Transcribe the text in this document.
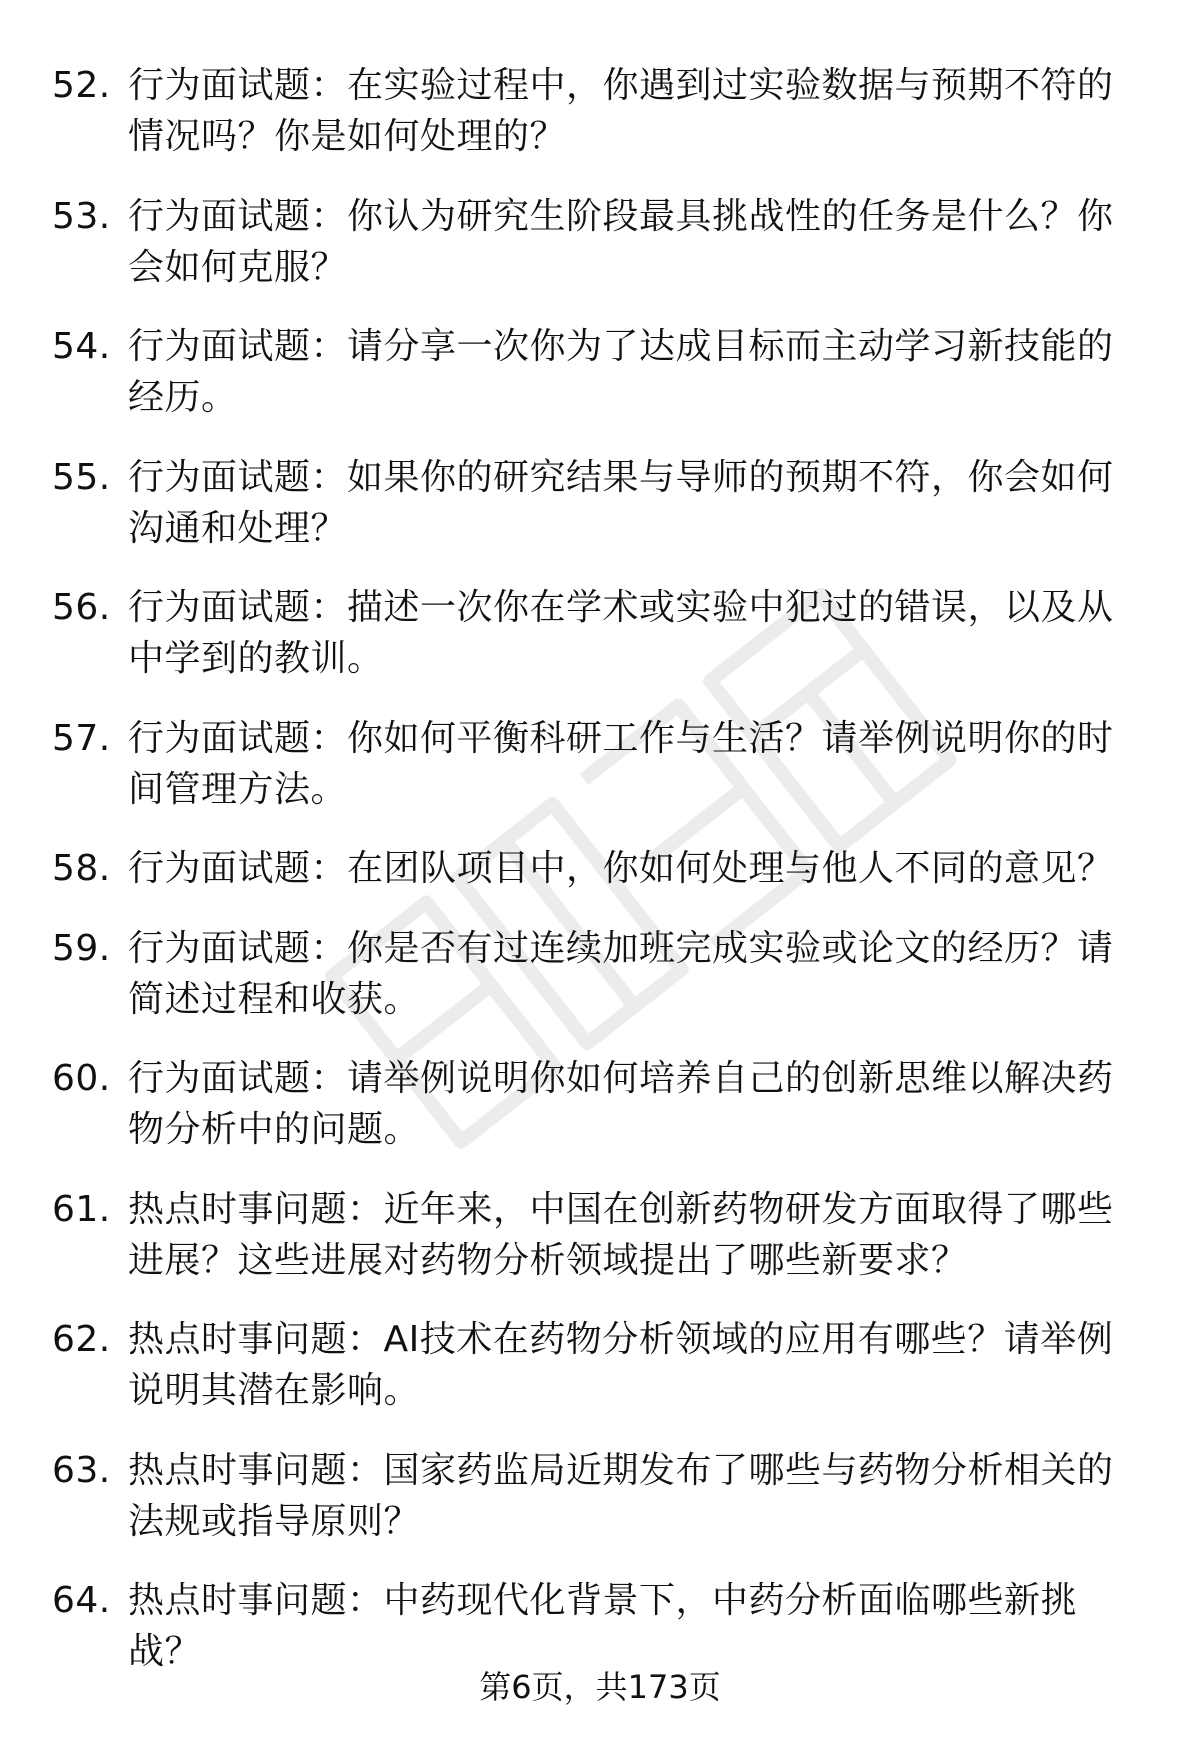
52. 行为面试题：在实验过程中，你遇到过实验数据与预期不符的情况吗？你是如何处理的？
53. 行为面试题：你认为研究生阶段最具挑战性的任务是什么？你会如何克服？
54. 行为面试题：请分享一次你为了达成目标而主动学习新技能的经历。
55. 行为面试题：如果你的研究结果与导师的预期不符，你会如何沟通和处理？
56. 行为面试题：描述一次你在学术或实验中犯过的错误，以及从中学到的教训。
57. 行为面试题：你如何平衡科研工作与生活？请举例说明你的时间管理方法。
58. 行为面试题：在团队项目中，你如何处理与他人不同的意见？
59. 行为面试题：你是否有过连续加班完成实验或论文的经历？请简述过程和收获。
60. 行为面试题：请举例说明你如何培养自己的创新思维以解决药物分析中的问题。
61. 热点时事问题：近年来，中国在创新药物研发方面取得了哪些进展？这些进展对药物分析领域提出了哪些新要求？
62. 热点时事问题：AI技术在药物分析领域的应用有哪些？请举例说明其潜在影响。
63. 热点时事问题：国家药监局近期发布了哪些与药物分析相关的法规或指导原则？
64. 热点时事问题：中药现代化背景下，中药分析面临哪些新挑战？
第6页，共173页
